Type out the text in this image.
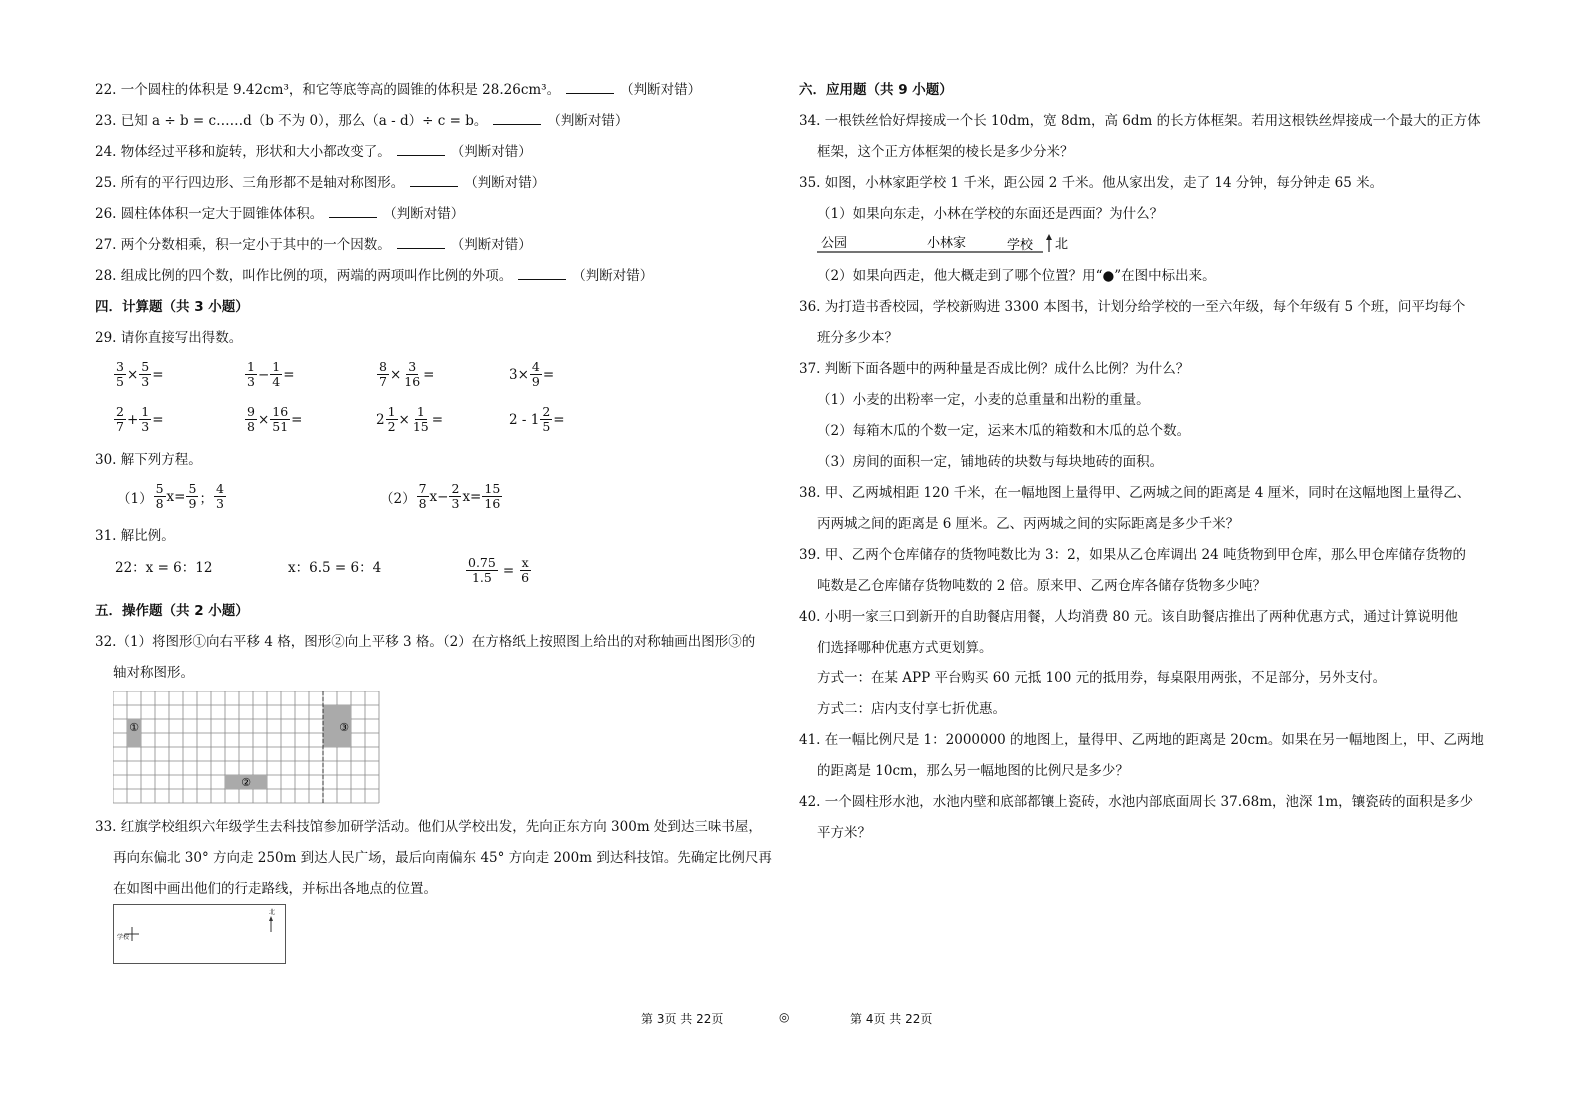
22. 一个圆柱的体积是 9.42cm³，和它等底等高的圆锥的体积是 28.26cm³。	（判断对错）
23. 已知 a ÷ b = c……d（b 不为 0），那么（a - d）÷ c = b。	（判断对错）
24. 物体经过平移和旋转，形状和大小都改变了。	（判断对错）
25. 所有的平行四边形、三角形都不是轴对称图形。	（判断对错）
26. 圆柱体体积一定大于圆锥体体积。	（判断对错）
27. 两个分数相乘，积一定小于其中的一个因数。	（判断对错）
28. 组成比例的四个数，叫作比例的项，两端的两项叫作比例的外项。	（判断对错）
四．计算题（共 3 小题）
29. 请你直接写出得数。
$\frac{3}{5} \times \frac{5}{3}$ =	$\frac{1}{3} - \frac{1}{4}$ =	$\frac{8}{7} \times \frac{3}{16}$ =	$3\times \frac{4}{9}$ =
$\frac{2}{7} + \frac{1}{3}$ =	$\frac{9}{8} \times \frac{16}{51}$ =	$2 \frac{1}{2} \times \frac{1}{15}$ =	$2 - 1 \frac{2}{5}$ =
30. 解下列方程。
$(1) \frac{5}{8} x= \frac{5}{9}$ ； $\frac{4}{3}$	$(2) \frac{7}{8} x- \frac{2}{3} x= \frac{15}{16}$
31. 解比例。
22：x = 6：12	x：6.5 = 6：4	$\frac{0.75}{1.5} = \frac{x}{6}$
五．操作题（共 2 小题）
32.（1）将图形①向右平移 4 格，图形②向上平移 3 格。（2）在方格纸上按照图上给出的对称轴画出图形③的
轴对称图形。
①
②
③
33. 红旗学校组织六年级学生去科技馆参加研学活动。他们从学校出发，先向正东方向 300m 处到达三味书屋，
再向东偏北 30° 方向走 250m 到达人民广场，最后向南偏东 45° 方向走 200m 到达科技馆。先确定比例尺再
在如图中画出他们的行走路线，并标出各地点的位置。
学校
北
六．应用题（共 9 小题）
34. 一根铁丝恰好焊接成一个长 10dm，宽 8dm，高 6dm 的长方体框架。若用这根铁丝焊接成一个最大的正方体
框架，这个正方体框架的棱长是多少分米？
35. 如图，小林家距学校 1 千米，距公园 2 千米。他从家出发，走了 14 分钟，每分钟走 65 米。
（1）如果向东走，小林在学校的东面还是西面？为什么？
公园	小林家	学校 北
（2）如果向西走，他大概走到了哪个位置？用“●”在图中标出来。
36. 为打造书香校园，学校新购进 3300 本图书，计划分给学校的一至六年级，每个年级有 5 个班，问平均每个
班分多少本？
37. 判断下面各题中的两种量是否成比例？成什么比例？为什么？
（1）小麦的出粉率一定，小麦的总重量和出粉的重量。
（2）每箱木瓜的个数一定，运来木瓜的箱数和木瓜的总个数。
（3）房间的面积一定，铺地砖的块数与每块地砖的面积。
38. 甲、乙两城相距 120 千米，在一幅地图上量得甲、乙两城之间的距离是 4 厘米，同时在这幅地图上量得乙、
丙两城之间的距离是 6 厘米。乙、丙两城之间的实际距离是多少千米？
39. 甲、乙两个仓库储存的货物吨数比为 3：2，如果从乙仓库调出 24 吨货物到甲仓库，那么甲仓库储存货物的
吨数是乙仓库储存货物吨数的 2 倍。原来甲、乙两仓库各储存货物多少吨？
40. 小明一家三口到新开的自助餐店用餐，人均消费 80 元。该自助餐店推出了两种优惠方式，通过计算说明他
们选择哪种优惠方式更划算。
方式一：在某 APP 平台购买 60 元抵 100 元的抵用券，每桌限用两张，不足部分，另外支付。
方式二：店内支付享七折优惠。
41. 在一幅比例尺是 1：2000000 的地图上，量得甲、乙两地的距离是 20cm。如果在另一幅地图上，甲、乙两地
的距离是 10cm，那么另一幅地图的比例尺是多少？
42. 一个圆柱形水池，水池内壁和底部都镶上瓷砖，水池内部底面周长 37.68m，池深 1m，镶瓷砖的面积是多少
平方米？
第 3页 共 22页	◎	第 4页 共 22页
